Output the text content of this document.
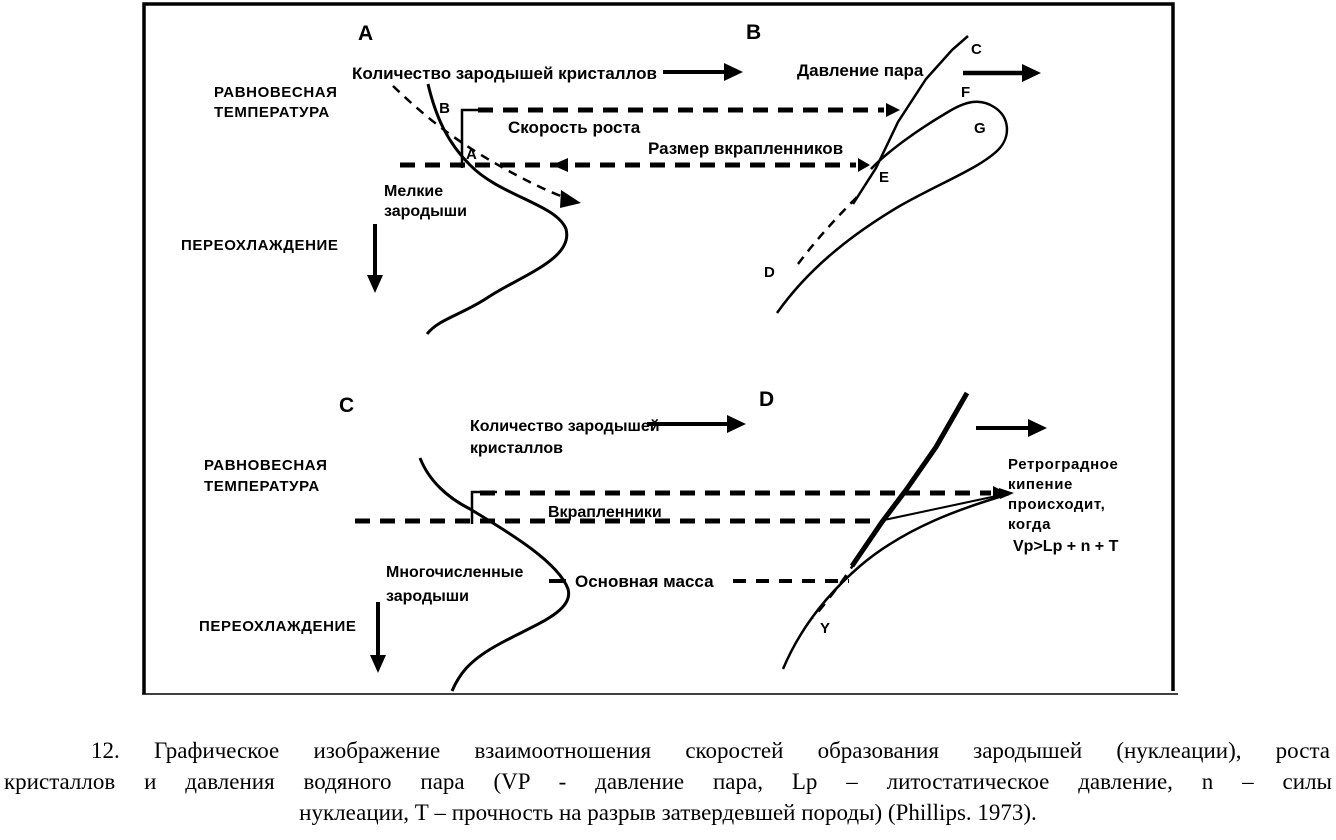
A
Количество зародышей кристаллов
РАВНОВЕСНАЯ
ТЕМПЕРАТУРА	B
A
Скорость роста
Размер вкрапленников
Мелкие
зародыши
ПЕРЕОХЛАЖДЕНИЕ
B
Давление пара
C
F
G
E
D
C
Количество зародышей
кристаллов
РАВНОВЕСНАЯ
ТЕМПЕРАТУРА
Вкрапленники
Многочисленные
зародыши
Основная масса
ПЕРЕОХЛАЖДЕНИЕ
D
Y
Ретроградное
кипение
происходит,
когда
Vp>Lp + n + T
12. Графическое изображение взаимоотношения скоростей образования зародышей (нуклеации), роста
кристаллов и давления водяного пара (VP - давление пара, Lp – литостатическое давление, n – силы
нуклеации, Т – прочность на разрыв затвердевшей породы) (Phillips. 1973).
